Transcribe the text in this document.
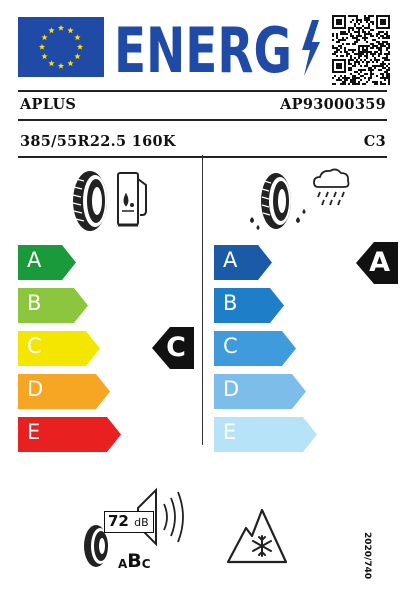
ENERG
APLUS	AP93000359
385/55R22.5 160K	C3
A
B
C
D
E
C
A
B
C
D
E
A
72 dB
ABC	2020/740
